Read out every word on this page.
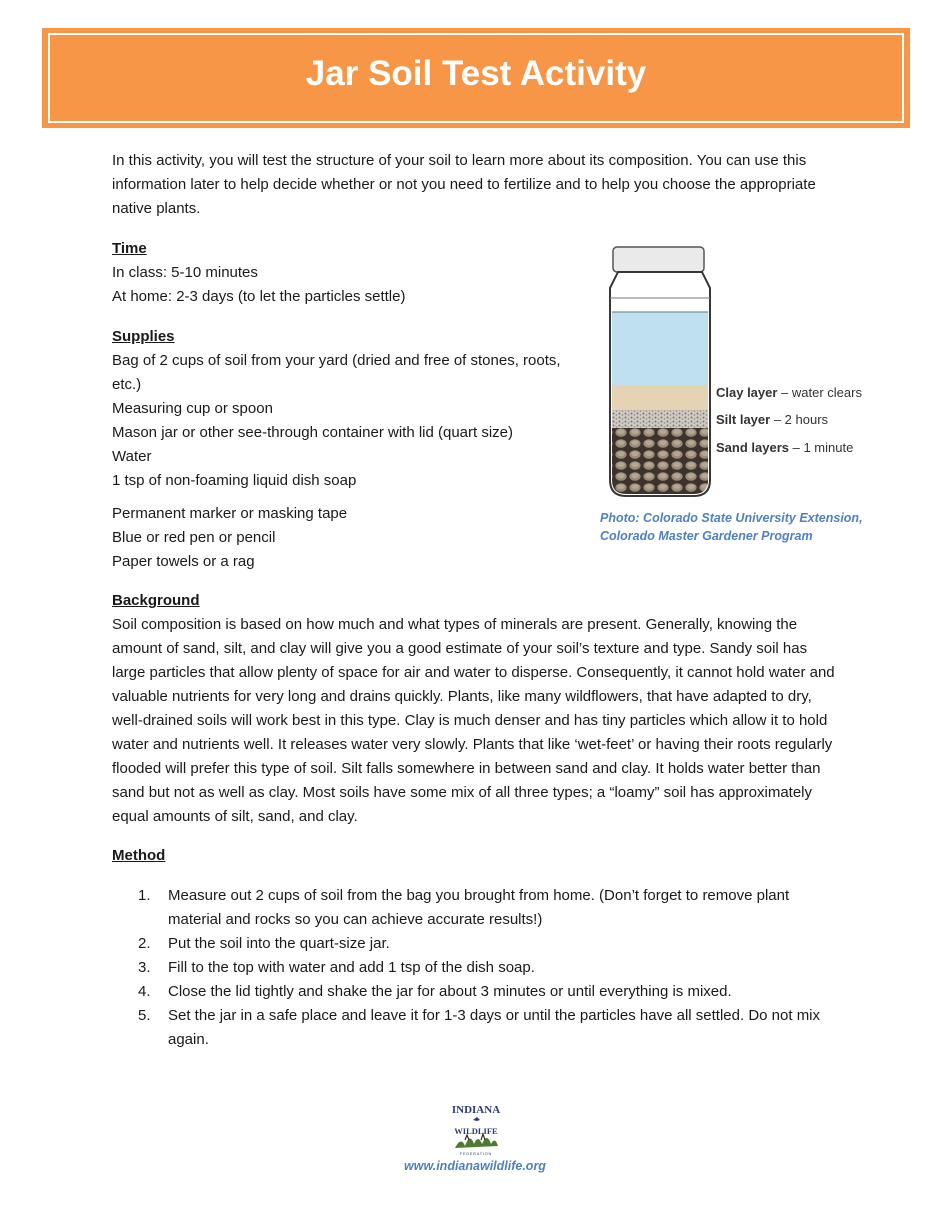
Jar Soil Test Activity

In this activity, you will test the structure of your soil to learn more about its composition. You can use this information later to help decide whether or not you need to fertilize and to help you choose the appropriate native plants.

Time

In class: 5-10 minutes

At home: 2-3 days (to let the particles settle)

Supplies

Bag of 2 cups of soil from your yard (dried and free of stones, roots, etc.)

Measuring cup or spoon

Mason jar or other see-through container with lid (quart size)

Water

1 tsp of non-foaming liquid dish soap

Permanent marker or masking tape

Blue or red pen or pencil

Paper towels or a rag

Clay layer – water clears
Silt layer – 2 hours
Sand layers – 1 minute

Photo: Colorado State University Extension,
Colorado Master Gardener Program

Background

Soil composition is based on how much and what types of minerals are present. Generally, knowing the amount of sand, silt, and clay will give you a good estimate of your soil’s texture and type. Sandy soil has large particles that allow plenty of space for air and water to disperse. Consequently, it cannot hold water and valuable nutrients for very long and drains quickly. Plants, like many wildflowers, that have adapted to dry, well-drained soils will work best in this type. Clay is much denser and has tiny particles which allow it to hold water and nutrients well. It releases water very slowly. Plants that like ‘wet-feet’ or having their roots regularly flooded will prefer this type of soil. Silt falls somewhere in between sand and clay. It holds water better than sand but not as well as clay. Most soils have some mix of all three types; a “loamy” soil has approximately equal amounts of silt, sand, and clay.

Method
1. Measure out 2 cups of soil from the bag you brought from home. (Don’t forget to remove plant material and rocks so you can achieve accurate results!)
2. Put the soil into the quart-size jar.
3. Fill to the top with water and add 1 tsp of the dish soap.
4. Close the lid tightly and shake the jar for about 3 minutes or until everything is mixed.
5. Set the jar in a safe place and leave it for 1-3 days or until the particles have all settled. Do not mix again.
INDIANA
WILDLIFE
FEDERATION

www.indianawildlife.org
